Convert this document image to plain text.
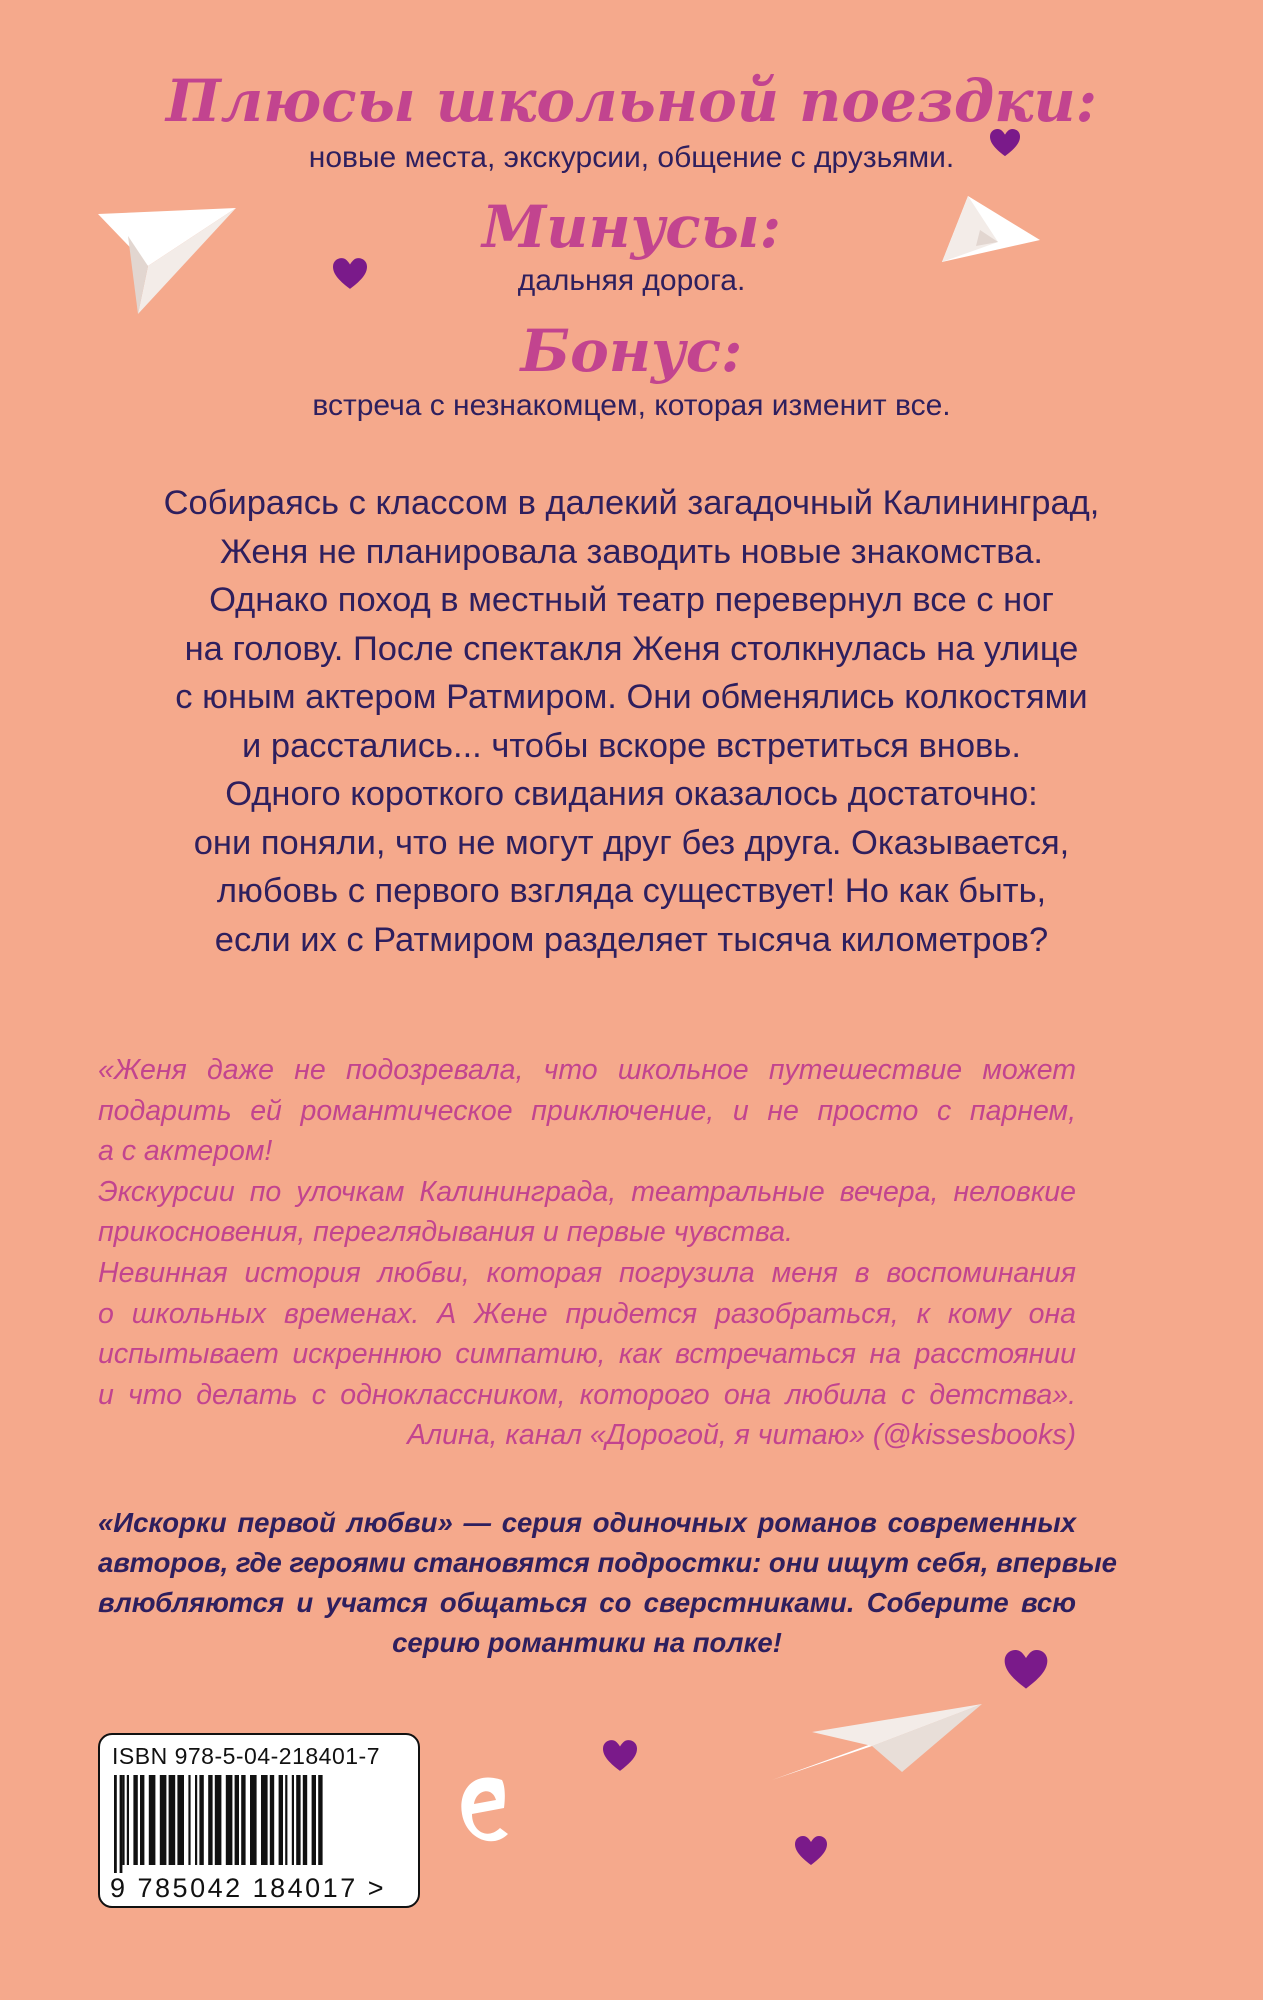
Плюсы школьной поездки:
новые места, экскурсии, общение с друзьями.
Минусы:
дальняя дорога.
Бонус:
встреча с незнакомцем, которая изменит все.
Собираясь с классом в далекий загадочный Калининград,
Женя не планировала заводить новые знакомства.
Однако поход в местный театр перевернул все с ног
на голову. После спектакля Женя столкнулась на улице
с юным актером Ратмиром. Они обменялись колкостями
и расстались... чтобы вскоре встретиться вновь.
Одного короткого свидания оказалось достаточно:
они поняли, что не могут друг без друга. Оказывается,
любовь с первого взгляда существует! Но как быть,
если их с Ратмиром разделяет тысяча километров?
«Женя даже не подозревала, что школьное путешествие может
подарить ей романтическое приключение, и не просто с парнем,
а с актером!
Экскурсии по улочкам Калининграда, театральные вечера, неловкие
прикосновения, переглядывания и первые чувства.
Невинная история любви, которая погрузила меня в воспоминания
о школьных временах. А Жене придется разобраться, к кому она
испытывает искреннюю симпатию, как встречаться на расстоянии
и что делать с одноклассником, которого она любила с детства».
Алина, канал «Дорогой, я читаю» (@kissesbooks)
«Искорки первой любви» — серия одиночных романов современных
авторов, где героями становятся подростки: они ищут себя, впервые
влюбляются и учатся общаться со сверстниками. Соберите всю
серию романтики на полке!
ISBN 978-5-04-218401-7
9 785042 184017 >
